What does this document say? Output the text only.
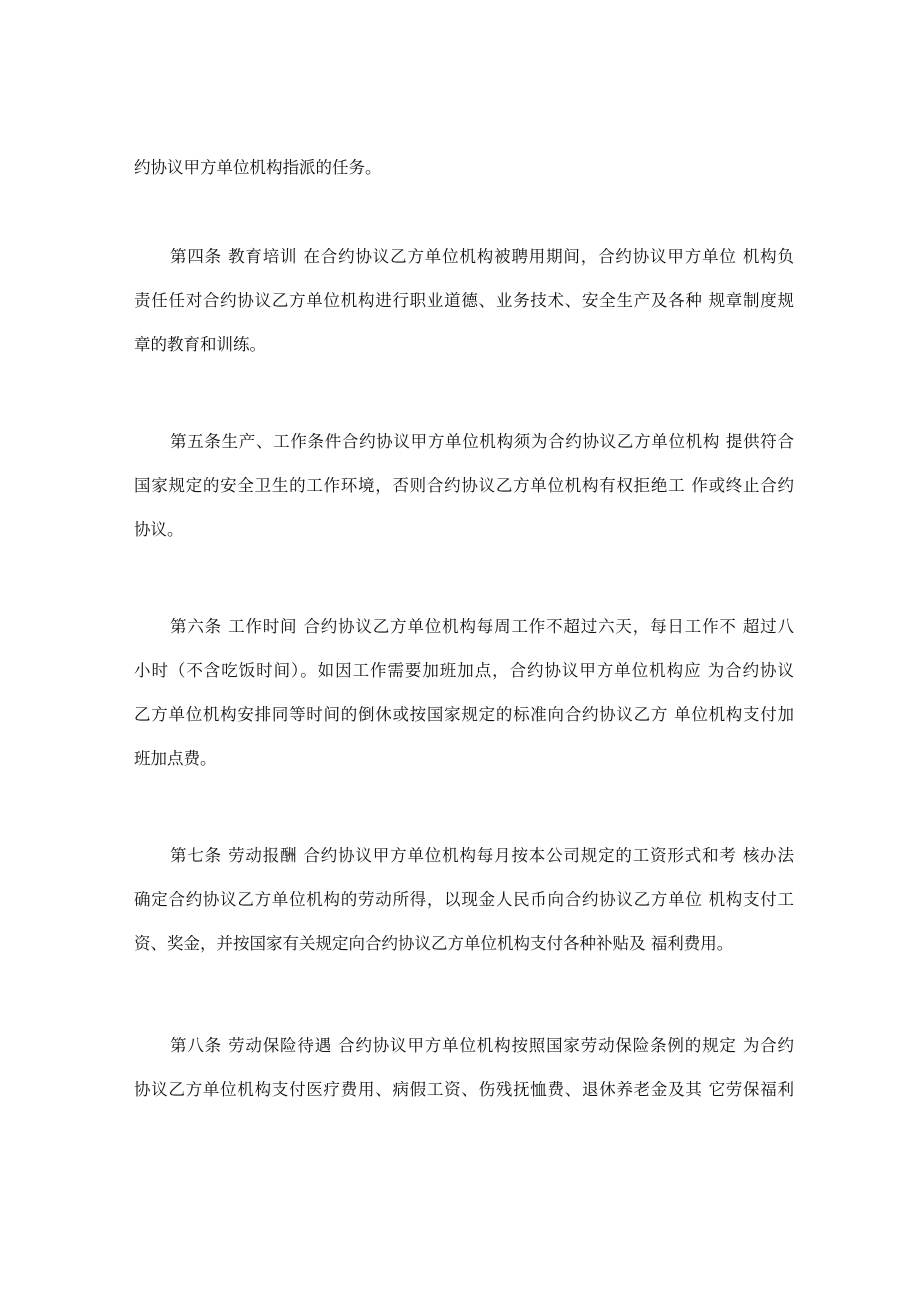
约协议甲方单位机构指派的任务。
第四条 教育培训 在合约协议乙方单位机构被聘用期间，合约协议甲方单位 机构负
责任任对合约协议乙方单位机构进行职业道德、业务技术、安全生产及各种 规章制度规
章的教育和训练。
第五条生产、工作条件合约协议甲方单位机构须为合约协议乙方单位机构 提供符合
国家规定的安全卫生的工作环境，否则合约协议乙方单位机构有权拒绝工 作或终止合约
协议。
第六条 工作时间 合约协议乙方单位机构每周工作不超过六天，每日工作不 超过八
小时（不含吃饭时间）。如因工作需要加班加点，合约协议甲方单位机构应 为合约协议
乙方单位机构安排同等时间的倒休或按国家规定的标准向合约协议乙方 单位机构支付加
班加点费。
第七条 劳动报酬 合约协议甲方单位机构每月按本公司规定的工资形式和考 核办法
确定合约协议乙方单位机构的劳动所得，以现金人民币向合约协议乙方单位 机构支付工
资、奖金，并按国家有关规定向合约协议乙方单位机构支付各种补贴及 福利费用。
第八条 劳动保险待遇 合约协议甲方单位机构按照国家劳动保险条例的规定 为合约
协议乙方单位机构支付医疗费用、病假工资、伤残抚恤费、退休养老金及其 它劳保福利
